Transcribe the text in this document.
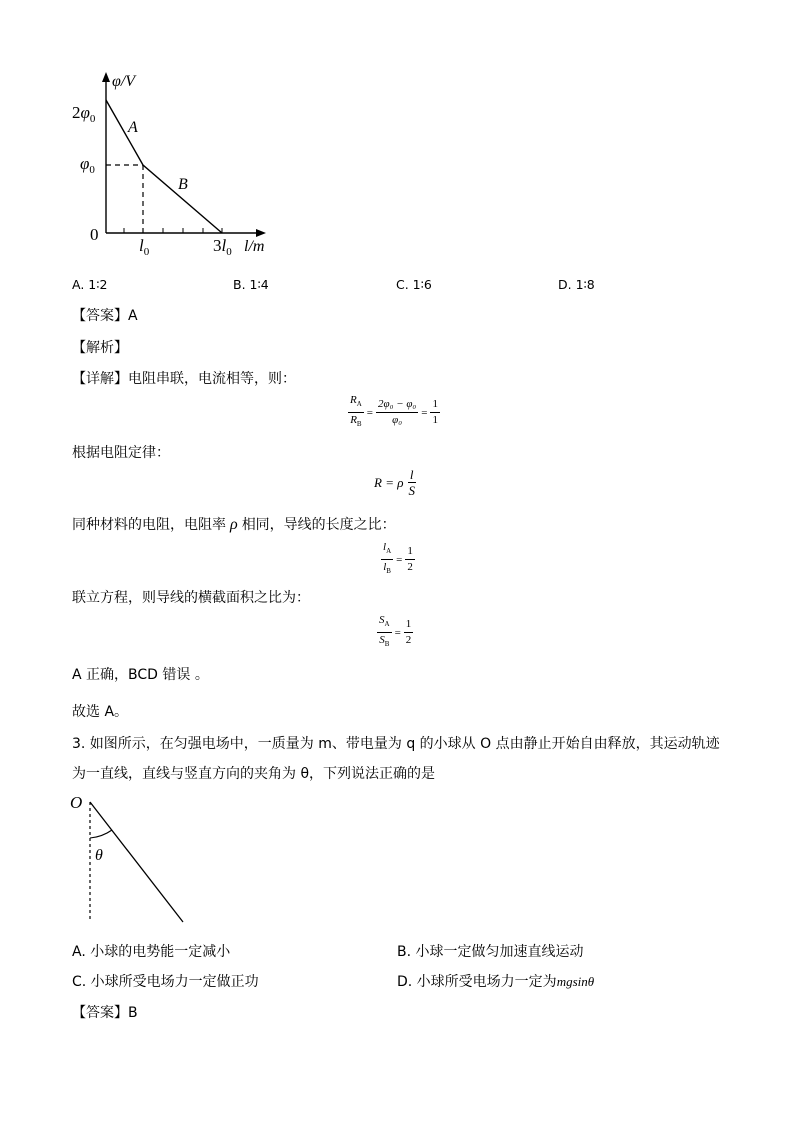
φ/V
$2\varphi_0$
$\varphi_0$
0
$l_0$	$3l_0$ l/m
A
B
A. 1∶2	B. 1∶4	C. 1∶6	D. 1∶8
【答案】A
【解析】
【详解】电阻串联，电流相等，则：
$\frac{R_A}{R_B} = \frac{\text{2φ₀ − φ₀}}{\text{φ₀}} = \frac{1}{1}$
根据电阻定律：
R = ρ $\frac{l}{S}$
同种材料的电阻，电阻率 ρ 相同，导线的长度之比：
$\frac{l_A}{l_B} = \frac{1}{2}$
联立方程，则导线的横截面积之比为：
$\frac{S_A}{S_B} = \frac{1}{2}$
A 正确，BCD 错误 。
故选 A。
3. 如图所示，在匀强电场中，一质量为 m、带电量为 q 的小球从 O 点由静止开始自由释放，其运动轨迹
为一直线，直线与竖直方向的夹角为 θ，下列说法正确的是
O
θ
A. 小球的电势能一定减小	B. 小球一定做匀加速直线运动
C. 小球所受电场力一定做正功	D. 小球所受电场力一定为mgsinθ
【答案】B
